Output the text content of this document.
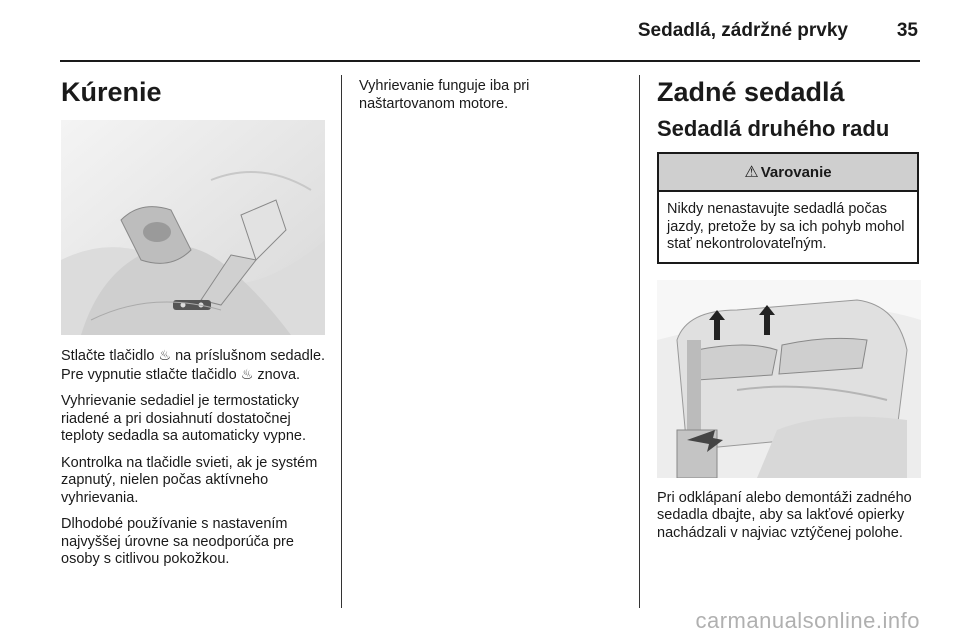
Sedadlá, zádržné prvky	35
Kúrenie

Stlačte tlačidlo ♨ na príslušnom sedadle. Pre vypnutie stlačte tlačidlo ♨ znova.

Vyhrievanie sedadiel je termostaticky riadené a pri dosiahnutí dostatočnej teploty sedadla sa automaticky vypne.

Kontrolka na tlačidle svieti, ak je systém zapnutý, nielen počas aktívneho vyhrievania.

Dlhodobé používanie s nastavením najvyššej úrovne sa neodporúča pre osoby s citlivou pokožkou.

Vyhrievanie funguje iba pri naštartovanom motore.	Zadné sedadlá
Sedadlá druhého radu
⚠ Varovanie
Nikdy nenastavujte sedadlá počas jazdy, pretože by sa ich pohyb mohol stať nekontrolovateľným.

Pri odklápaní alebo demontáži zadného sedadla dbajte, aby sa lakťové opierky nachádzali v najviac vztýčenej polohe.

carmanualsonline.info
